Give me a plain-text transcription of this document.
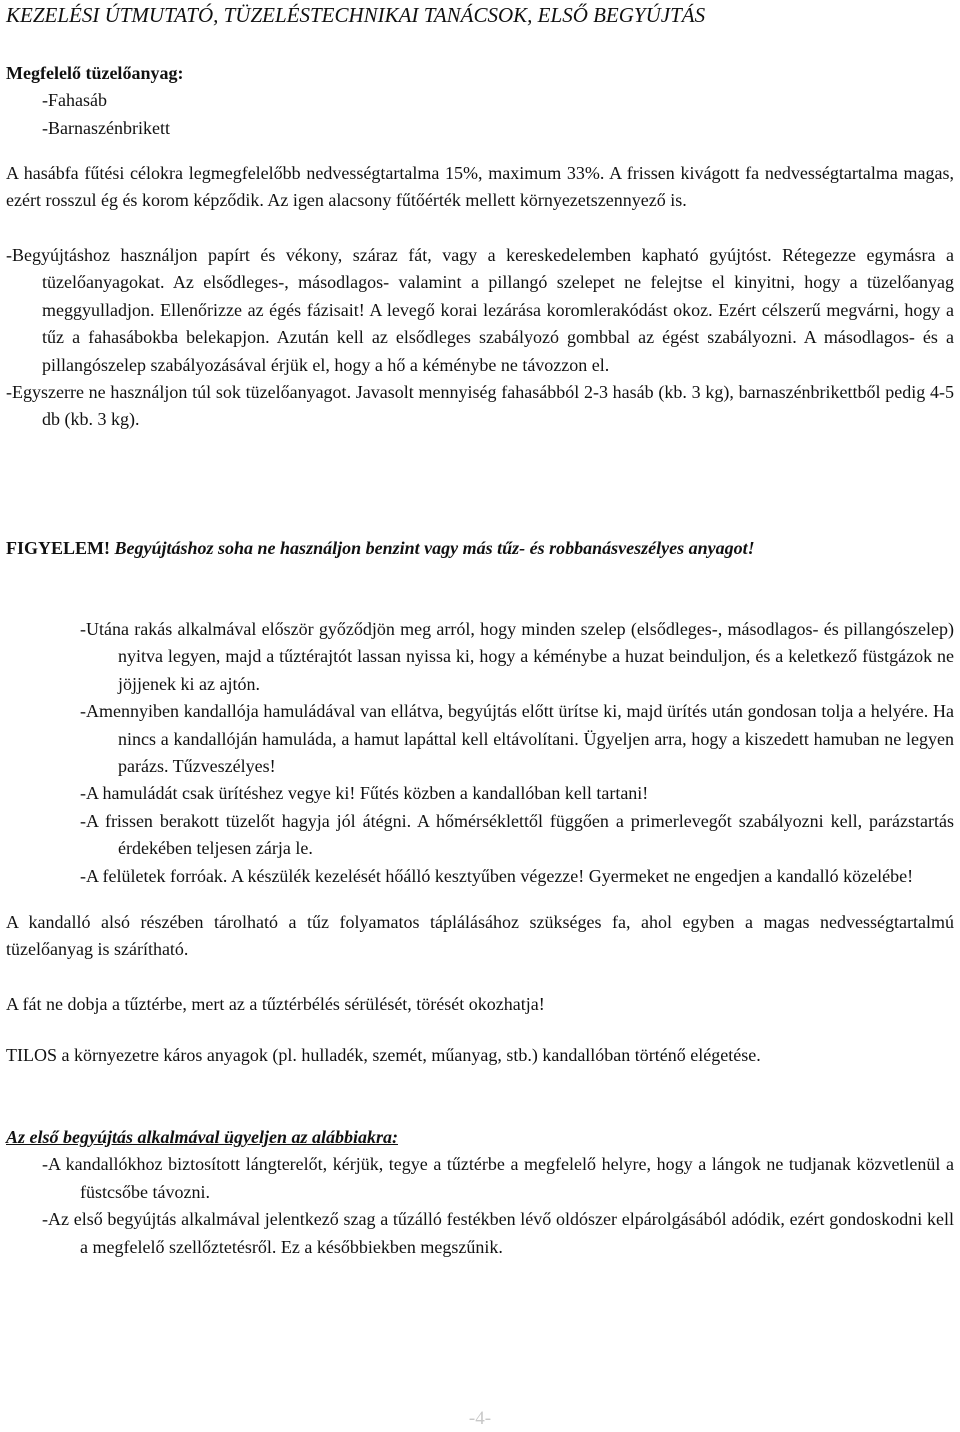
KEZELÉSI ÚTMUTATÓ, TÜZELÉSTECHNIKAI TANÁCSOK, ELSŐ BEGYÚJTÁS

Megfelelő tüzelőanyag:

-Fahasáb

-Barnaszénbrikett

A hasábfa fűtési célokra legmegfelelőbb nedvességtartalma 15%, maximum 33%. A frissen kivágott fa nedvességtartalma magas, ezért rosszul ég és korom képződik. Az igen alacsony fűtőérték mellett környezetszennyező is.

-Begyújtáshoz használjon papírt és vékony, száraz fát, vagy a kereskedelemben kapható gyújtóst. Rétegezze egymásra a tüzelőanyagokat. Az elsődleges-, másodlagos- valamint a pillangó szelepet ne felejtse el kinyitni, hogy a tüzelőanyag meggyulladjon. Ellenőrizze az égés fázisait! A levegő korai lezárása koromlerakódást okoz. Ezért célszerű megvárni, hogy a tűz a fahasábokba belekapjon. Azután kell az elsődleges szabályozó gombbal az égést szabályozni. A másodlagos- és a pillangószelep szabályozásával érjük el, hogy a hő a kéménybe ne távozzon el.

-Egyszerre ne használjon túl sok tüzelőanyagot. Javasolt mennyiség fahasábból 2-3 hasáb (kb. 3 kg), barnaszénbrikettből pedig 4-5 db (kb. 3 kg).

FIGYELEM! Begyújtáshoz soha ne használjon benzint vagy más tűz- és robbanásveszélyes anyagot!

-Utána rakás alkalmával először győződjön meg arról, hogy minden szelep (elsődleges-, másodlagos- és pillangószelep) nyitva legyen, majd a tűztérajtót lassan nyissa ki, hogy a kéménybe a huzat beinduljon, és a keletkező füstgázok ne jöjjenek ki az ajtón.

-Amennyiben kandallója hamuládával van ellátva, begyújtás előtt ürítse ki, majd ürítés után gondosan tolja a helyére. Ha nincs a kandallóján hamuláda, a hamut lapáttal kell eltávolítani. Ügyeljen arra, hogy a kiszedett hamuban ne legyen parázs. Tűzveszélyes!

-A hamuládát csak ürítéshez vegye ki! Fűtés közben a kandallóban kell tartani!

-A frissen berakott tüzelőt hagyja jól átégni. A hőmérséklettől függően a primerlevegőt szabályozni kell, parázstartás érdekében teljesen zárja le.

-A felületek forróak. A készülék kezelését hőálló kesztyűben végezze! Gyermeket ne engedjen a kandalló közelébe!

A kandalló alsó részében tárolható a tűz folyamatos táplálásához szükséges fa, ahol egyben a magas nedvességtartalmú tüzelőanyag is szárítható.

A fát ne dobja a tűztérbe, mert az a tűztérbélés sérülését, törését okozhatja!

TILOS a környezetre káros anyagok (pl. hulladék, szemét, műanyag, stb.) kandallóban történő elégetése.

Az első begyújtás alkalmával ügyeljen az alábbiakra:

-A kandallókhoz biztosított lángterelőt, kérjük, tegye a tűztérbe a megfelelő helyre, hogy a lángok ne tudjanak közvetlenül a füstcsőbe távozni.

-Az első begyújtás alkalmával jelentkező szag a tűzálló festékben lévő oldószer elpárolgásából adódik, ezért gondoskodni kell a megfelelő szellőztetésről. Ez a későbbiekben megszűnik.

-4-
